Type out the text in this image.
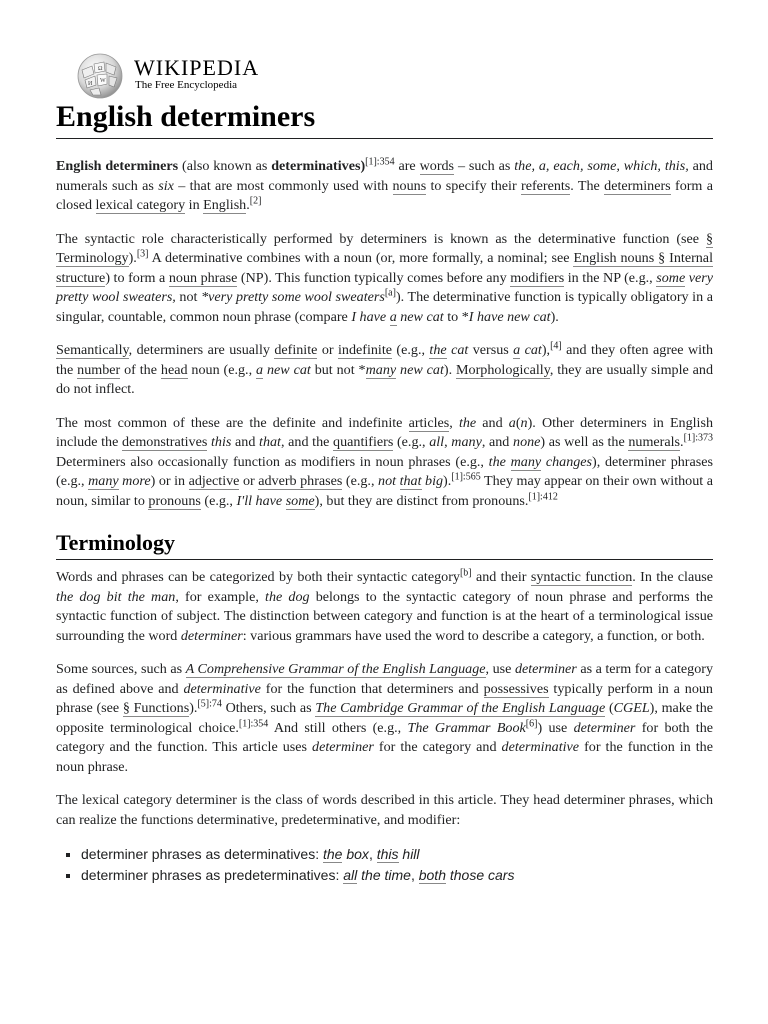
Ω
W
И
WIKIPEDIA
The Free Encyclopedia
English determiners

English determiners (also known as determinatives)$^{[1]:354}$ are words – such as the, a, each, some, which, this, and numerals such as six – that are most commonly used with nouns to specify their referents. The determiners form a closed lexical category in English.[2]

The syntactic role characteristically performed by determiners is known as the determinative function (see § Terminology).[3] A determinative combines with a noun (or, more formally, a nominal; see English nouns § Internal structure) to form a noun phrase (NP). This function typically comes before any modifiers in the NP (e.g., some very pretty wool sweaters, not *very pretty some wool sweaters[a]). The determinative function is typically obligatory in a singular, countable, common noun phrase (compare I have a new cat to *I have new cat).

Semantically, determiners are usually definite or indefinite (e.g., the cat versus a cat),[4] and they often agree with the number of the head noun (e.g., a new cat but not *many new cat). Morphologically, they are usually simple and do not inflect.

The most common of these are the definite and indefinite articles, the and a(n). Other determiners in English include the demonstratives this and that, and the quantifiers (e.g., all, many, and none) as well as the numerals.$^{[1]:373}$ Determiners also occasionally function as modifiers in noun phrases (e.g., the many changes), determiner phrases (e.g., many more) or in adjective or adverb phrases (e.g., not that big).$^{[1]:565}$ They may appear on their own without a noun, similar to pronouns (e.g., I'll have some), but they are distinct from pronouns.$^{[1]:412}$

Terminology

Words and phrases can be categorized by both their syntactic category[b] and their syntactic function. In the clause the dog bit the man, for example, the dog belongs to the syntactic category of noun phrase and performs the syntactic function of subject. The distinction between category and function is at the heart of a terminological issue surrounding the word determiner: various grammars have used the word to describe a category, a function, or both.

Some sources, such as A Comprehensive Grammar of the English Language, use determiner as a term for a category as defined above and determinative for the function that determiners and possessives typically perform in a noun phrase (see § Functions).$^{[5]:74}$ Others, such as The Cambridge Grammar of the English Language (CGEL), make the opposite terminological choice.$^{[1]:354}$ And still others (e.g., The Grammar Book[6]) use determiner for both the category and the function. This article uses determiner for the category and determinative for the function in the noun phrase.

The lexical category determiner is the class of words described in this article. They head determiner phrases, which can realize the functions determinative, predeterminative, and modifier:

▪ determiner phrases as determinatives: the box, this hill
▪ determiner phrases as predeterminatives: all the time, both those cars
